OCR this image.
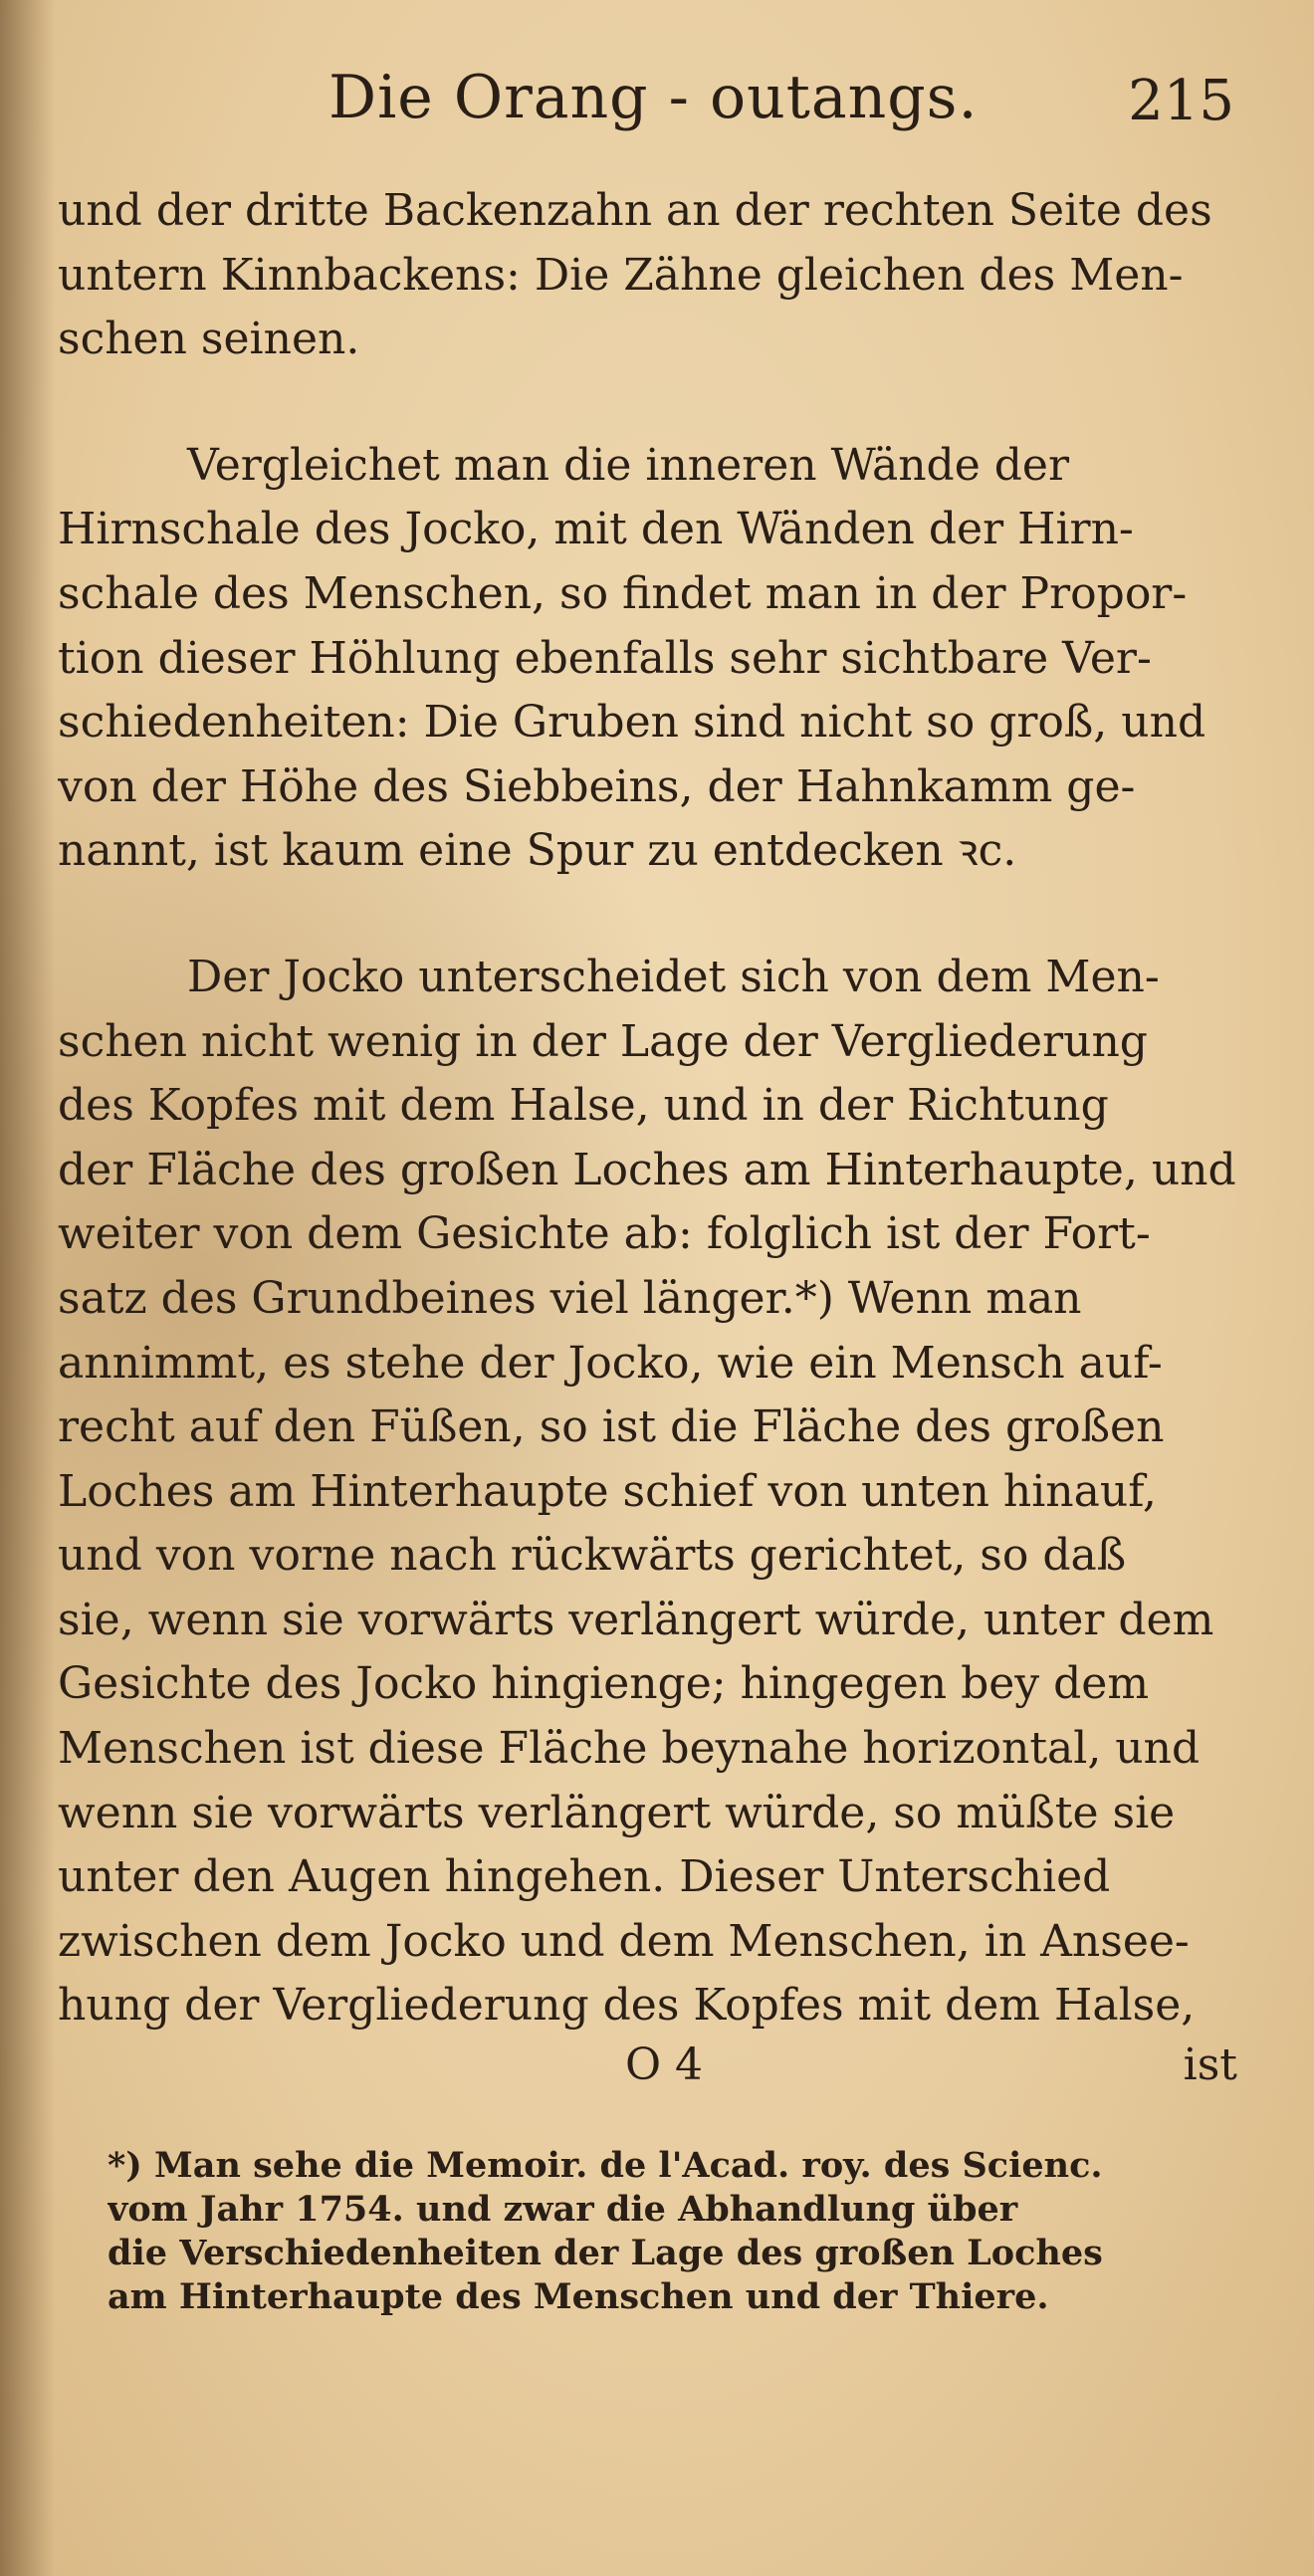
Die Orang - outangs.	215
und der dritte Backenzahn an der rechten Seite des
untern Kinnbackens: Die Zähne gleichen des Men-
schen seinen.
Vergleichet man die inneren Wände der
Hirnschale des Jocko, mit den Wänden der Hirn-
schale des Menschen, so findet man in der Propor-
tion dieser Höhlung ebenfalls sehr sichtbare Ver-
schiedenheiten: Die Gruben sind nicht so groß, und
von der Höhe des Siebbeins, der Hahnkamm ge-
nannt, ist kaum eine Spur zu entdecken ꝛc.
Der Jocko unterscheidet sich von dem Men-
schen nicht wenig in der Lage der Vergliederung
des Kopfes mit dem Halse, und in der Richtung
der Fläche des großen Loches am Hinterhaupte, und
weiter von dem Gesichte ab: folglich ist der Fort-
satz des Grundbeines viel länger.*) Wenn man
annimmt, es stehe der Jocko, wie ein Mensch auf-
recht auf den Füßen, so ist die Fläche des großen
Loches am Hinterhaupte schief von unten hinauf,
und von vorne nach rückwärts gerichtet, so daß
sie, wenn sie vorwärts verlängert würde, unter dem
Gesichte des Jocko hingienge; hingegen bey dem
Menschen ist diese Fläche beynahe horizontal, und
wenn sie vorwärts verlängert würde, so müßte sie
unter den Augen hingehen. Dieser Unterschied
zwischen dem Jocko und dem Menschen, in Ansee-
hung der Vergliederung des Kopfes mit dem Halse,
O 4	ist
*) Man sehe die Memoir. de l'Acad. roy. des Scienc.
vom Jahr 1754. und zwar die Abhandlung über
die Verschiedenheiten der Lage des großen Loches
am Hinterhaupte des Menschen und der Thiere.
